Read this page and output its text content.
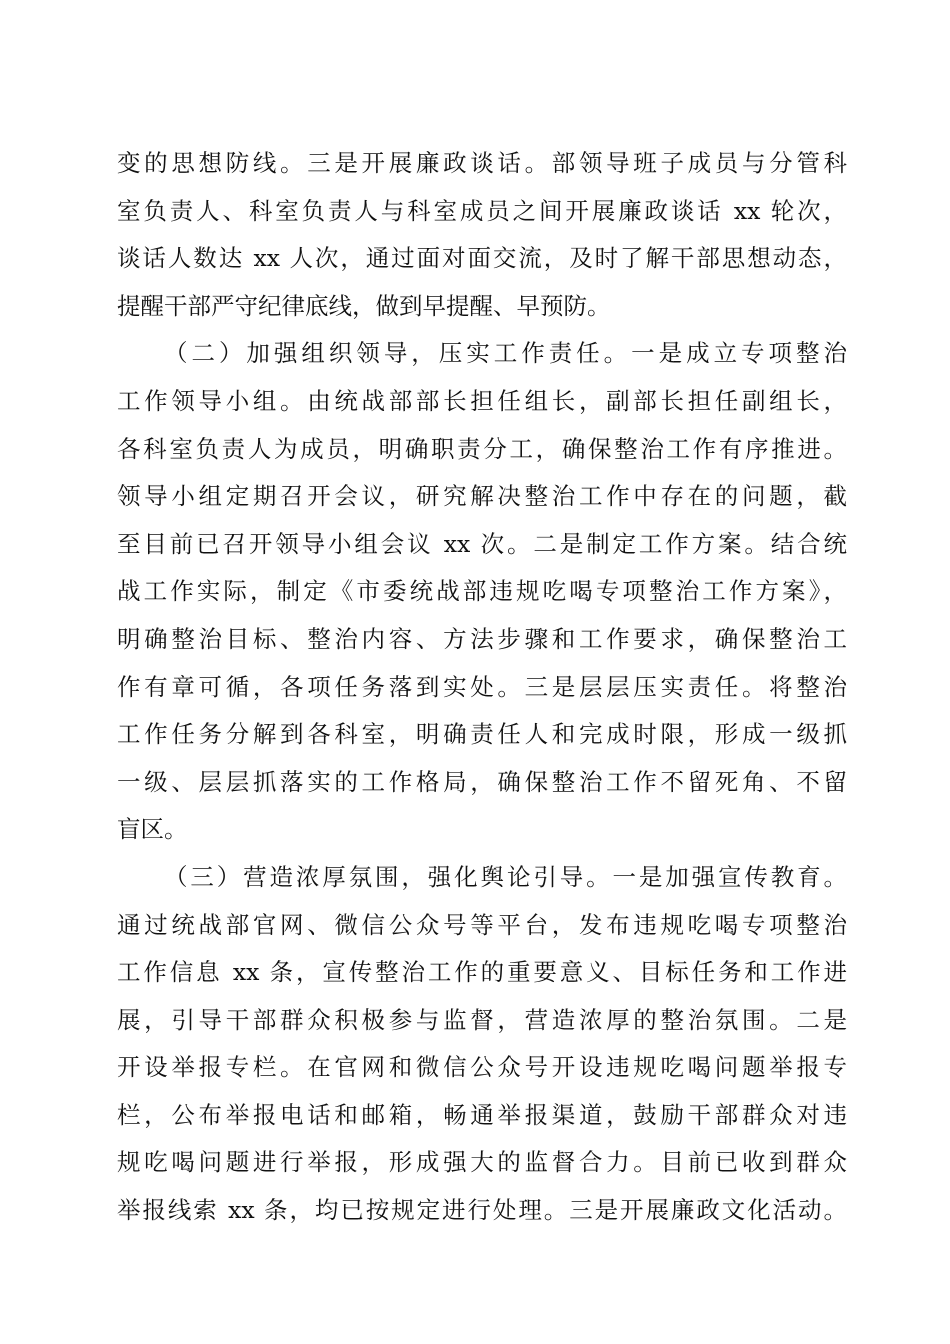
变的思想防线。三是开展廉政谈话。部领导班子成员与分管科
室负责人、科室负责人与科室成员之间开展廉政谈话 xx 轮次，
谈话人数达 xx 人次，通过面对面交流，及时了解干部思想动态，
提醒干部严守纪律底线，做到早提醒、早预防。
（二）加强组织领导，压实工作责任。一是成立专项整治
工作领导小组。由统战部部长担任组长，副部长担任副组长，
各科室负责人为成员，明确职责分工，确保整治工作有序推进。
领导小组定期召开会议，研究解决整治工作中存在的问题，截
至目前已召开领导小组会议 xx 次。二是制定工作方案。结合统
战工作实际，制定《市委统战部违规吃喝专项整治工作方案》，
明确整治目标、整治内容、方法步骤和工作要求，确保整治工
作有章可循，各项任务落到实处。三是层层压实责任。将整治
工作任务分解到各科室，明确责任人和完成时限，形成一级抓
一级、层层抓落实的工作格局，确保整治工作不留死角、不留
盲区。
（三）营造浓厚氛围，强化舆论引导。一是加强宣传教育。
通过统战部官网、微信公众号等平台，发布违规吃喝专项整治
工作信息 xx 条，宣传整治工作的重要意义、目标任务和工作进
展，引导干部群众积极参与监督，营造浓厚的整治氛围。二是
开设举报专栏。在官网和微信公众号开设违规吃喝问题举报专
栏，公布举报电话和邮箱，畅通举报渠道，鼓励干部群众对违
规吃喝问题进行举报，形成强大的监督合力。目前已收到群众
举报线索 xx 条，均已按规定进行处理。三是开展廉政文化活动。
